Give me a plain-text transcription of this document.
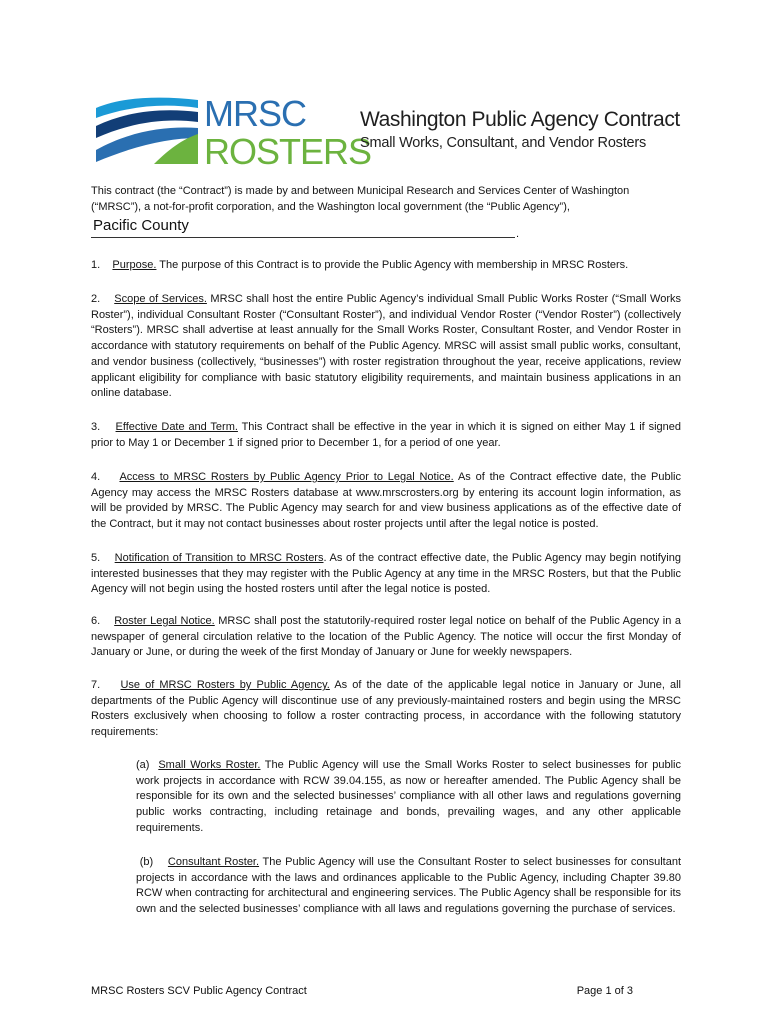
MRSC
ROSTERS
Washington Public Agency Contract
Small Works, Consultant, and Vendor Rosters
This contract (the “Contract”) is made by and between Municipal Research and Services Center of Washington
(“MRSC”), a not-for-profit corporation, and the Washington local government (the “Public Agency”),
Pacific County	.
1. Purpose. The purpose of this Contract is to provide the Public Agency with membership in MRSC Rosters.
2. Scope of Services. MRSC shall host the entire Public Agency’s individual Small Public Works Roster (“Small Works Roster”), individual Consultant Roster (“Consultant Roster”), and individual Vendor Roster (“Vendor Roster”) (collectively “Rosters”). MRSC shall advertise at least annually for the Small Works Roster, Consultant Roster, and Vendor Roster in accordance with statutory requirements on behalf of the Public Agency. MRSC will assist small public works, consultant, and vendor business (collectively, “businesses”) with roster registration throughout the year, receive applications, review applicant eligibility for compliance with basic statutory eligibility requirements, and maintain business applications in an online database.
3. Effective Date and Term. This Contract shall be effective in the year in which it is signed on either May 1 if signed prior to May 1 or December 1 if signed prior to December 1, for a period of one year.
4. Access to MRSC Rosters by Public Agency Prior to Legal Notice. As of the Contract effective date, the Public Agency may access the MRSC Rosters database at www.mrscrosters.org by entering its account login information, as will be provided by MRSC. The Public Agency may search for and view business applications as of the effective date of the Contract, but it may not contact businesses about roster projects until after the legal notice is posted.
5. Notification of Transition to MRSC Rosters. As of the contract effective date, the Public Agency may begin notifying interested businesses that they may register with the Public Agency at any time in the MRSC Rosters, but that the Public Agency will not begin using the hosted rosters until after the legal notice is posted.
6. Roster Legal Notice. MRSC shall post the statutorily-required roster legal notice on behalf of the Public Agency in a newspaper of general circulation relative to the location of the Public Agency. The notice will occur the first Monday of January or June, or during the week of the first Monday of January or June for weekly newspapers.
7. Use of MRSC Rosters by Public Agency. As of the date of the applicable legal notice in January or June, all departments of the Public Agency will discontinue use of any previously-maintained rosters and begin using the MRSC Rosters exclusively when choosing to follow a roster contracting process, in accordance with the following statutory requirements:
(a) Small Works Roster. The Public Agency will use the Small Works Roster to select businesses for public work projects in accordance with RCW 39.04.155, as now or hereafter amended. The Public Agency shall be responsible for its own and the selected businesses’ compliance with all other laws and regulations governing public works contracting, including retainage and bonds, prevailing wages, and any other applicable requirements.
(b) Consultant Roster. The Public Agency will use the Consultant Roster to select businesses for consultant projects in accordance with the laws and ordinances applicable to the Public Agency, including Chapter 39.80 RCW when contracting for architectural and engineering services. The Public Agency shall be responsible for its own and the selected businesses’ compliance with all laws and regulations governing the purchase of services.
MRSC Rosters SCV Public Agency Contract	Page 1 of 3
